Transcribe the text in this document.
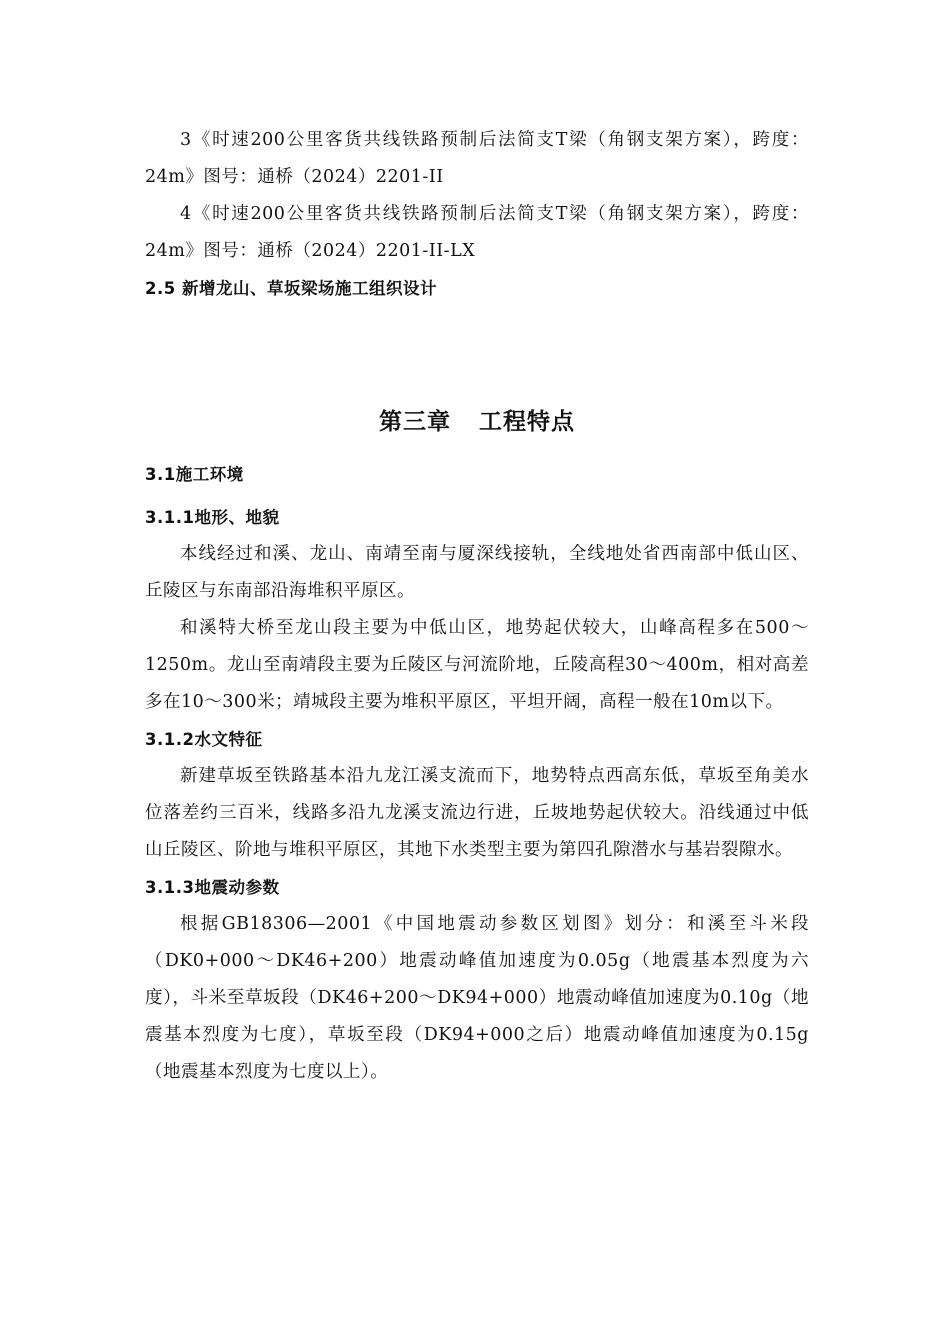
3《时速200公里客货共线铁路预制后法简支T梁（角钢支架方案），跨度：24m》图号：通桥（2024）2201-II

4《时速200公里客货共线铁路预制后法简支T梁（角钢支架方案），跨度：24m》图号：通桥（2024）2201-II-LX

2.5 新增龙山、草坂梁场施工组织设计

第三章 工程特点

3.1施工环境

3.1.1地形、地貌

本线经过和溪、龙山、南靖至南与厦深线接轨，全线地处省西南部中低山区、丘陵区与东南部沿海堆积平原区。

和溪特大桥至龙山段主要为中低山区，地势起伏较大，山峰高程多在500～1250m。龙山至南靖段主要为丘陵区与河流阶地，丘陵高程30～400m，相对高差多在10～300米；靖城段主要为堆积平原区，平坦开阔，高程一般在10m以下。

3.1.2水文特征

新建草坂至铁路基本沿九龙江溪支流而下，地势特点西高东低，草坂至角美水位落差约三百米，线路多沿九龙溪支流边行进，丘坡地势起伏较大。沿线通过中低山丘陵区、阶地与堆积平原区，其地下水类型主要为第四孔隙潜水与基岩裂隙水。

3.1.3地震动参数

根据GB18306—2001《中国地震动参数区划图》划分：和溪至斗米段（DK0+000～DK46+200）地震动峰值加速度为0.05g（地震基本烈度为六度），斗米至草坂段（DK46+200～DK94+000）地震动峰值加速度为0.10g（地震基本烈度为七度），草坂至段（DK94+000之后）地震动峰值加速度为0.15g（地震基本烈度为七度以上）。
